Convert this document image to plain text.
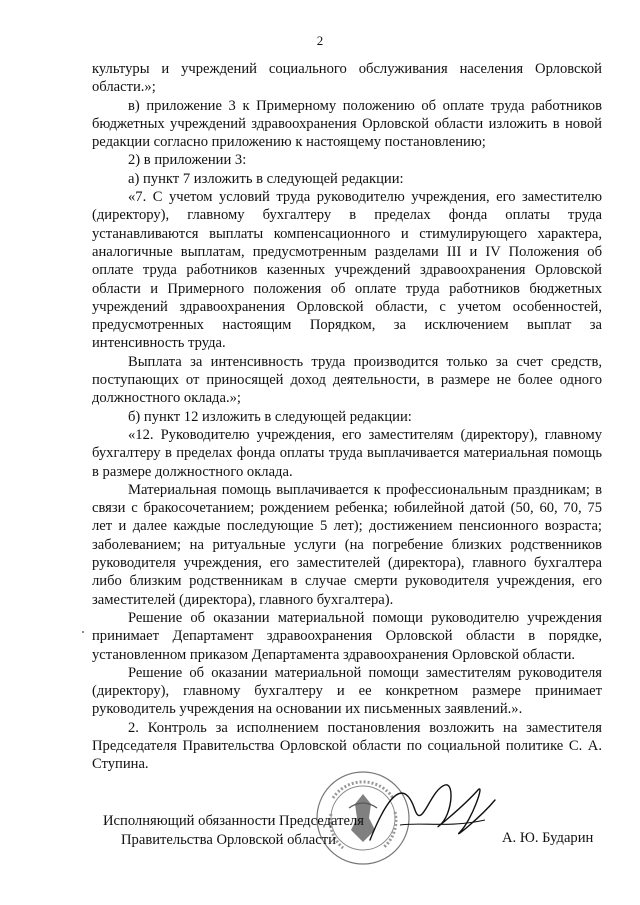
2

культуры и учреждений социального обслуживания населения Орловской области.»;

в) приложение 3 к Примерному положению об оплате труда работников бюджетных учреждений здравоохранения Орловской области изложить в новой редакции согласно приложению к настоящему постановлению;

2) в приложении 3:

а) пункт 7 изложить в следующей редакции:

«7. С учетом условий труда руководителю учреждения, его заместителю (директору), главному бухгалтеру в пределах фонда оплаты труда устанавливаются выплаты компенсационного и стимулирующего характера, аналогичные выплатам, предусмотренным разделами III и IV Положения об оплате труда работников казенных учреждений здравоохранения Орловской области и Примерного положения об оплате труда работников бюджетных учреждений здравоохранения Орловской области, с учетом особенностей, предусмотренных настоящим Порядком, за исключением выплат за интенсивность труда.

Выплата за интенсивность труда производится только за счет средств, поступающих от приносящей доход деятельности, в размере не более одного должностного оклада.»;

б) пункт 12 изложить в следующей редакции:

«12. Руководителю учреждения, его заместителям (директору), главному бухгалтеру в пределах фонда оплаты труда выплачивается материальная помощь в размере должностного оклада.

Материальная помощь выплачивается к профессиональным праздникам; в связи с бракосочетанием; рождением ребенка; юбилейной датой (50, 60, 70, 75 лет и далее каждые последующие 5 лет); достижением пенсионного возраста; заболеванием; на ритуальные услуги (на погребение близких родственников руководителя учреждения, его заместителей (директора), главного бухгалтера либо близким родственникам в случае смерти руководителя учреждения, его заместителей (директора), главного бухгалтера).

Решение об оказании материальной помощи руководителю учреждения принимает Департамент здравоохранения Орловской области в порядке, установленном приказом Департамента здравоохранения Орловской области.

Решение об оказании материальной помощи заместителям руководителя (директору), главному бухгалтеру и ее конкретном размере принимает руководитель учреждения на основании их письменных заявлений.».

2. Контроль за исполнением постановления возложить на заместителя Председателя Правительства Орловской области по социальной политике С. А. Ступина.

Исполняющий обязанности Председателя
Правительства Орловской области	А. Ю. Бударин
